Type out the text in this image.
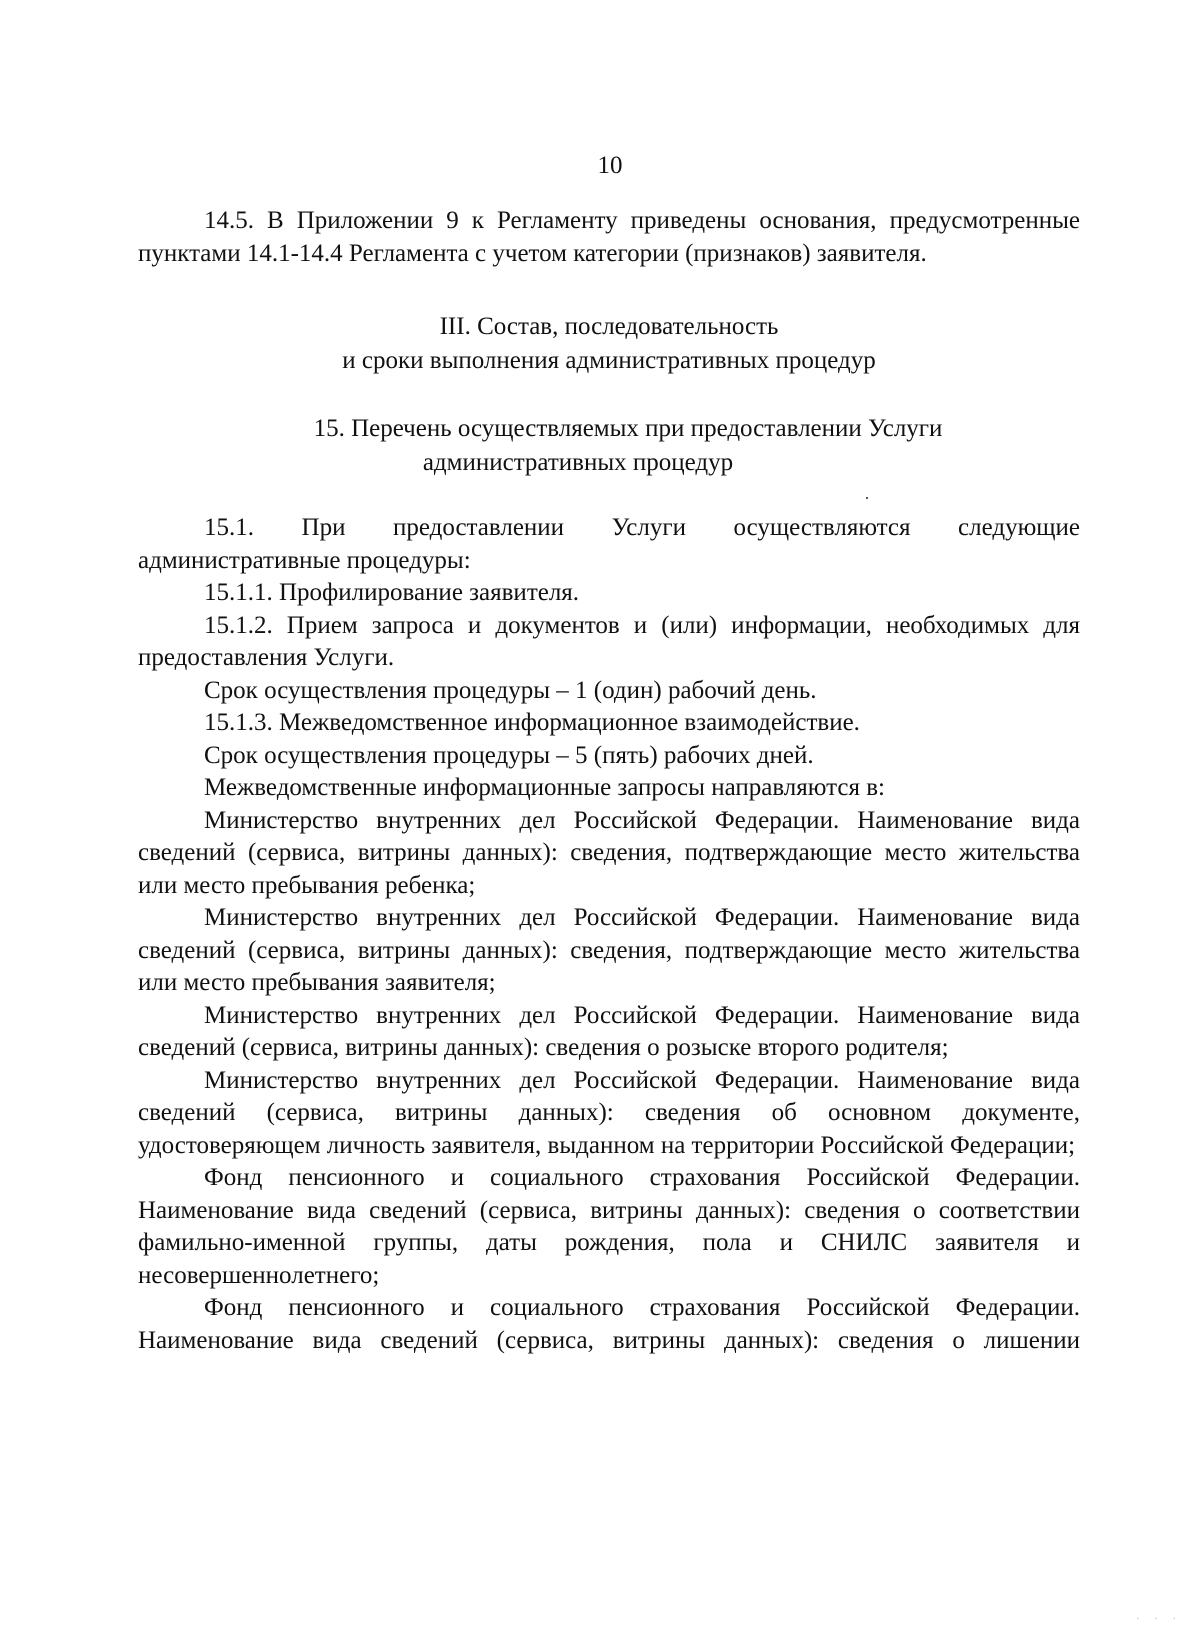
10

14.5. В Приложении 9 к Регламенту приведены основания, предусмотренные пунктами 14.1-14.4 Регламента с учетом категории (признаков) заявителя.

III. Состав, последовательность

и сроки выполнения административных процедур

15. Перечень осуществляемых при предоставлении Услуги

административных процедур

15.1. При предоставлении Услуги осуществляются следующие административные процедуры:

15.1.1. Профилирование заявителя.

15.1.2. Прием запроса и документов и (или) информации, необходимых для предоставления Услуги.

Срок осуществления процедуры – 1 (один) рабочий день.

15.1.3. Межведомственное информационное взаимодействие.

Срок осуществления процедуры – 5 (пять) рабочих дней.

Межведомственные информационные запросы направляются в:

Министерство внутренних дел Российской Федерации. Наименование вида сведений (сервиса, витрины данных): сведения, подтверждающие место жительства или место пребывания ребенка;

Министерство внутренних дел Российской Федерации. Наименование вида сведений (сервиса, витрины данных): сведения, подтверждающие место жительства или место пребывания заявителя;

Министерство внутренних дел Российской Федерации. Наименование вида сведений (сервиса, витрины данных): сведения о розыске второго родителя;

Министерство внутренних дел Российской Федерации. Наименование вида сведений (сервиса, витрины данных): сведения об основном документе, удостоверяющем личность заявителя, выданном на территории Российской Федерации;

Фонд пенсионного и социального страхования Российской Федерации. Наименование вида сведений (сервиса, витрины данных): сведения о соответствии фамильно-именной группы, даты рождения, пола и СНИЛС заявителя и несовершеннолетнего;

Фонд пенсионного и социального страхования Российской Федерации. Наименование вида сведений (сервиса, витрины данных): сведения о лишении

· · ·
